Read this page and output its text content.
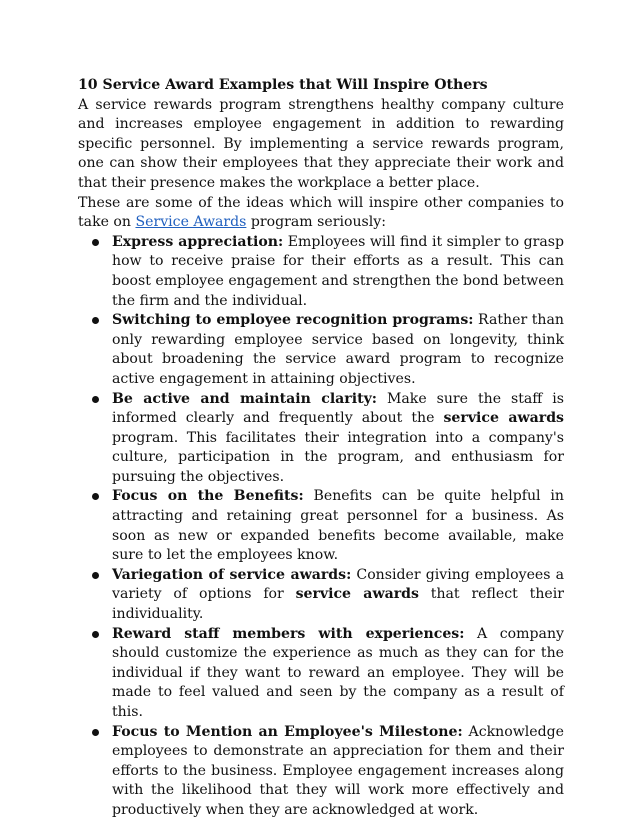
10 Service Award Examples that Will Inspire Others

A service rewards program strengthens healthy company culture and increases employee engagement in addition to rewarding specific personnel. By implementing a service rewards program, one can show their employees that they appreciate their work and that their presence makes the workplace a better place.

These are some of the ideas which will inspire other companies to take on Service Awards program seriously:

Express appreciation: Employees will find it simpler to grasp how to receive praise for their efforts as a result. This can boost employee engagement and strengthen the bond between the firm and the individual.
Switching to employee recognition programs: Rather than only rewarding employee service based on longevity, think about broadening the service award program to recognize active engagement in attaining objectives.
Be active and maintain clarity: Make sure the staff is informed clearly and frequently about the service awards program. This facilitates their integration into a company's culture, participation in the program, and enthusiasm for pursuing the objectives.
Focus on the Benefits: Benefits can be quite helpful in attracting and retaining great personnel for a business. As soon as new or expanded benefits become available, make sure to let the employees know.
Variegation of service awards: Consider giving employees a variety of options for service awards that reflect their individuality.
Reward staff members with experiences: A company should customize the experience as much as they can for the individual if they want to reward an employee. They will be made to feel valued and seen by the company as a result of this.
Focus to Mention an Employee's Milestone: Acknowledge employees to demonstrate an appreciation for them and their efforts to the business. Employee engagement increases along with the likelihood that they will work more effectively and productively when they are acknowledged at work.
